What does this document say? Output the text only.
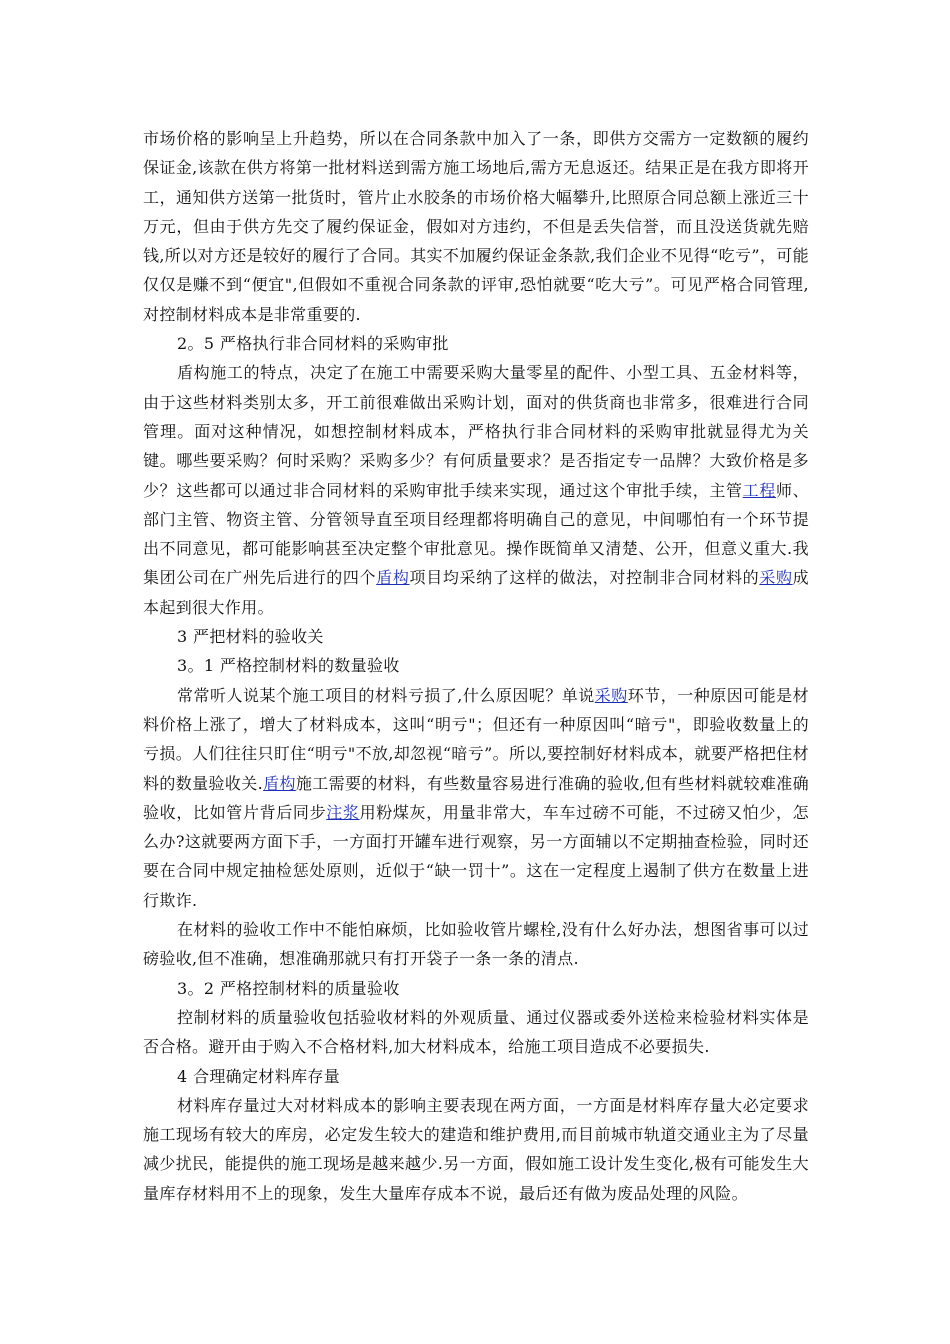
市场价格的影响呈上升趋势，所以在合同条款中加入了一条，即供方交需方一定数额的履约保证金,该款在供方将第一批材料送到需方施工场地后,需方无息返还。结果正是在我方即将开工，通知供方送第一批货时，管片止水胶条的市场价格大幅攀升,比照原合同总额上涨近三十万元，但由于供方先交了履约保证金，假如对方违约，不但是丢失信誉，而且没送货就先赔钱,所以对方还是较好的履行了合同。其实不加履约保证金条款,我们企业不见得“吃亏”，可能仅仅是赚不到“便宜",但假如不重视合同条款的评审,恐怕就要“吃大亏”。可见严格合同管理,对控制材料成本是非常重要的.

2。5 严格执行非合同材料的采购审批

盾构施工的特点，决定了在施工中需要采购大量零星的配件、小型工具、五金材料等，由于这些材料类别太多，开工前很难做出采购计划，面对的供货商也非常多，很难进行合同管理。面对这种情况，如想控制材料成本，严格执行非合同材料的采购审批就显得尤为关键。哪些要采购？何时采购？采购多少？有何质量要求？是否指定专一品牌？大致价格是多少？这些都可以通过非合同材料的采购审批手续来实现，通过这个审批手续，主管工程师、部门主管、物资主管、分管领导直至项目经理都将明确自己的意见，中间哪怕有一个环节提出不同意见，都可能影响甚至决定整个审批意见。操作既简单又清楚、公开，但意义重大.我集团公司在广州先后进行的四个盾构项目均采纳了这样的做法，对控制非合同材料的采购成本起到很大作用。

3 严把材料的验收关

3。1 严格控制材料的数量验收

常常听人说某个施工项目的材料亏损了,什么原因呢？单说采购环节，一种原因可能是材料价格上涨了，增大了材料成本，这叫“明亏"；但还有一种原因叫“暗亏"，即验收数量上的亏损。人们往往只盯住“明亏"不放,却忽视“暗亏”。所以,要控制好材料成本，就要严格把住材料的数量验收关.盾构施工需要的材料，有些数量容易进行准确的验收,但有些材料就较难准确验收，比如管片背后同步注浆用粉煤灰，用量非常大，车车过磅不可能，不过磅又怕少，怎么办?这就要两方面下手，一方面打开罐车进行观察，另一方面辅以不定期抽查检验，同时还要在合同中规定抽检惩处原则，近似于“缺一罚十”。这在一定程度上遏制了供方在数量上进行欺诈.

在材料的验收工作中不能怕麻烦，比如验收管片螺栓,没有什么好办法，想图省事可以过磅验收,但不准确，想准确那就只有打开袋子一条一条的清点.

3。2 严格控制材料的质量验收

控制材料的质量验收包括验收材料的外观质量、通过仪器或委外送检来检验材料实体是否合格。避开由于购入不合格材料,加大材料成本，给施工项目造成不必要损失.

4 合理确定材料库存量

材料库存量过大对材料成本的影响主要表现在两方面，一方面是材料库存量大必定要求施工现场有较大的库房，必定发生较大的建造和维护费用,而目前城市轨道交通业主为了尽量减少扰民，能提供的施工现场是越来越少.另一方面，假如施工设计发生变化,极有可能发生大量库存材料用不上的现象，发生大量库存成本不说，最后还有做为废品处理的风险。
